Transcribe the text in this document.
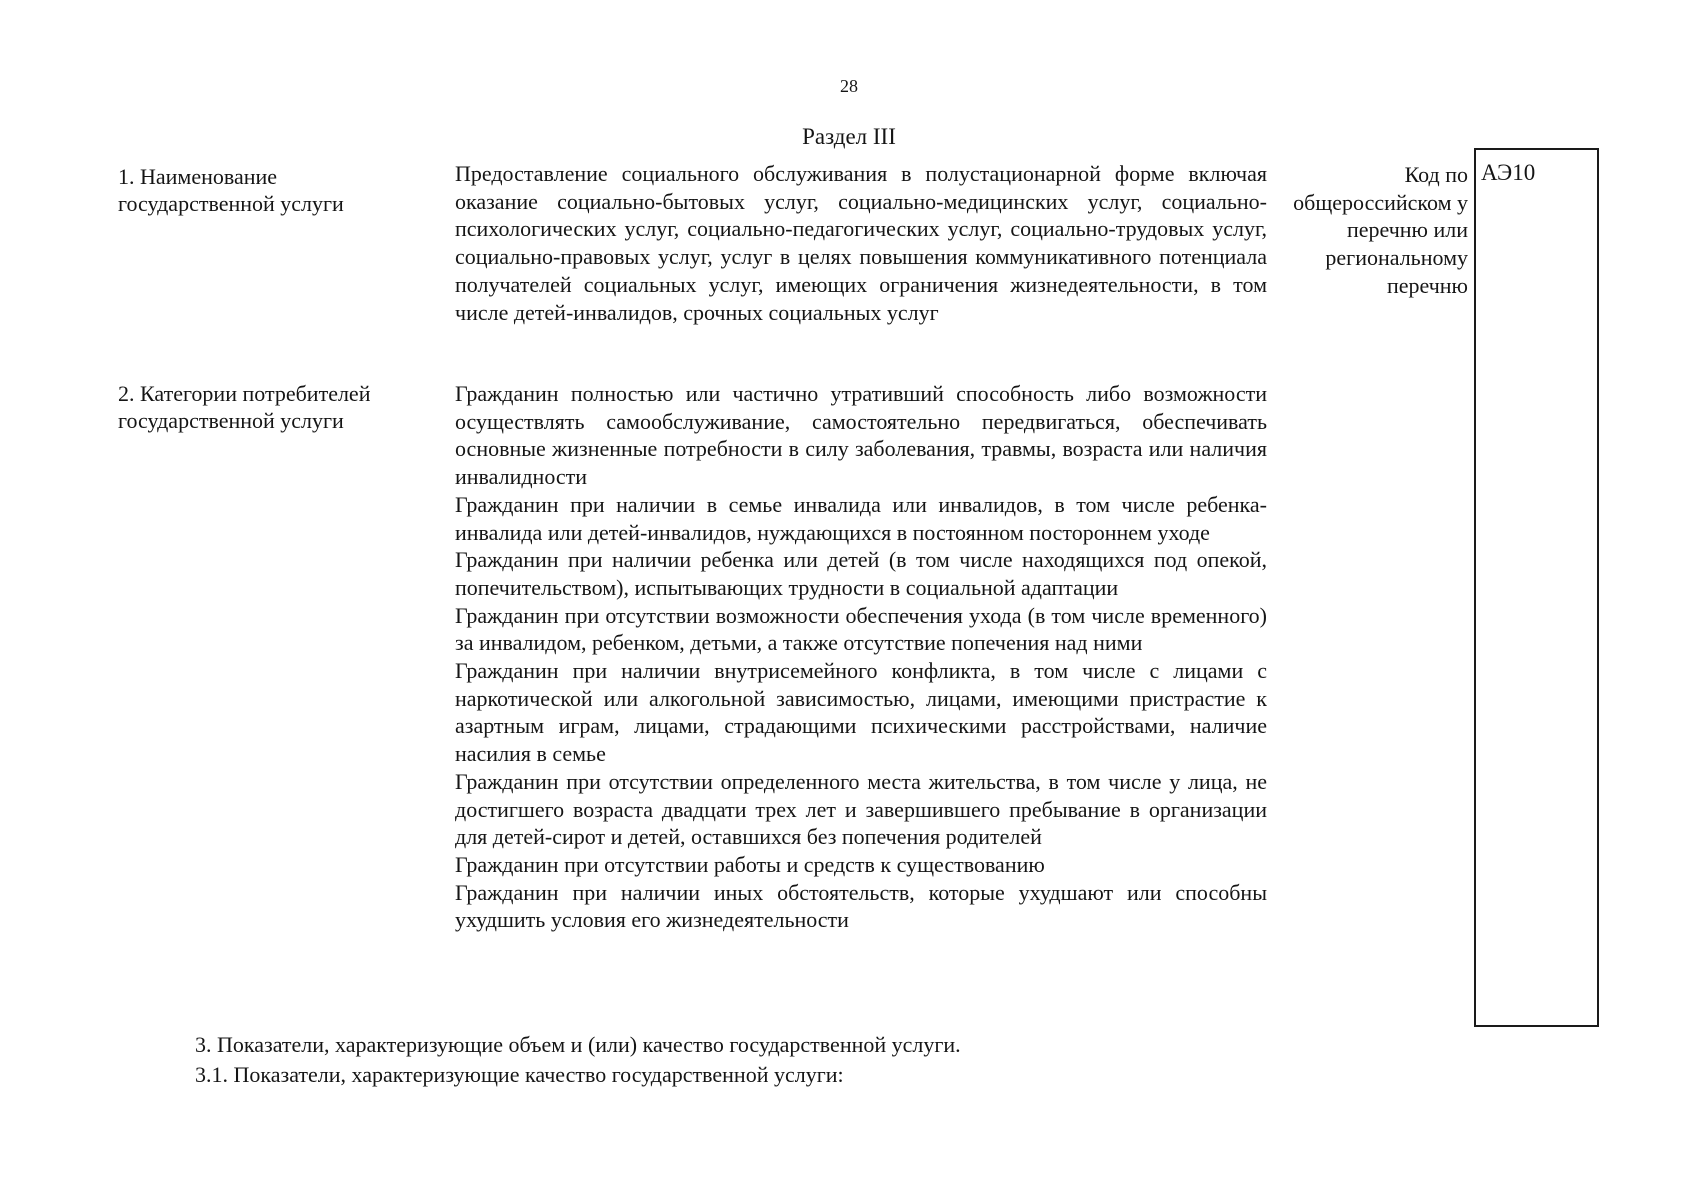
28
Раздел III
1. Наименование государственной услуги
Предоставление социального обслуживания в полустационарной форме включая оказание социально-бытовых услуг, социально-медицинских услуг, социально-психологических услуг, социально-педагогических услуг, социально-трудовых услуг, социально-правовых услуг, услуг в целях повышения коммуникативного потенциала получателей социальных услуг, имеющих ограничения жизнедеятельности, в том числе детей-инвалидов, срочных социальных услуг
Код по общероссийском у перечню или региональному перечню
АЭ10
2. Категории потребителей государственной услуги

Гражданин полностью или частично утративший способность либо возможности осуществлять самообслуживание, самостоятельно передвигаться, обеспечивать основные жизненные потребности в силу заболевания, травмы, возраста или наличия инвалидности

Гражданин при наличии в семье инвалида или инвалидов, в том числе ребенка-инвалида или детей-инвалидов, нуждающихся в постоянном постороннем уходе

Гражданин при наличии ребенка или детей (в том числе находящихся под опекой, попечительством), испытывающих трудности в социальной адаптации

Гражданин при отсутствии возможности обеспечения ухода (в том числе временного) за инвалидом, ребенком, детьми, а также отсутствие попечения над ними

Гражданин при наличии внутрисемейного конфликта, в том числе с лицами с наркотической или алкогольной зависимостью, лицами, имеющими пристрастие к азартным играм, лицами, страдающими психическими расстройствами, наличие насилия в семье

Гражданин при отсутствии определенного места жительства, в том числе у лица, не достигшего возраста двадцати трех лет и завершившего пребывание в организации для детей-сирот и детей, оставшихся без попечения родителей

Гражданин при отсутствии работы и средств к существованию

Гражданин при наличии иных обстоятельств, которые ухудшают или способны ухудшить условия его жизнедеятельности

3. Показатели, характеризующие объем и (или) качество государственной услуги.
3.1. Показатели, характеризующие качество государственной услуги:
